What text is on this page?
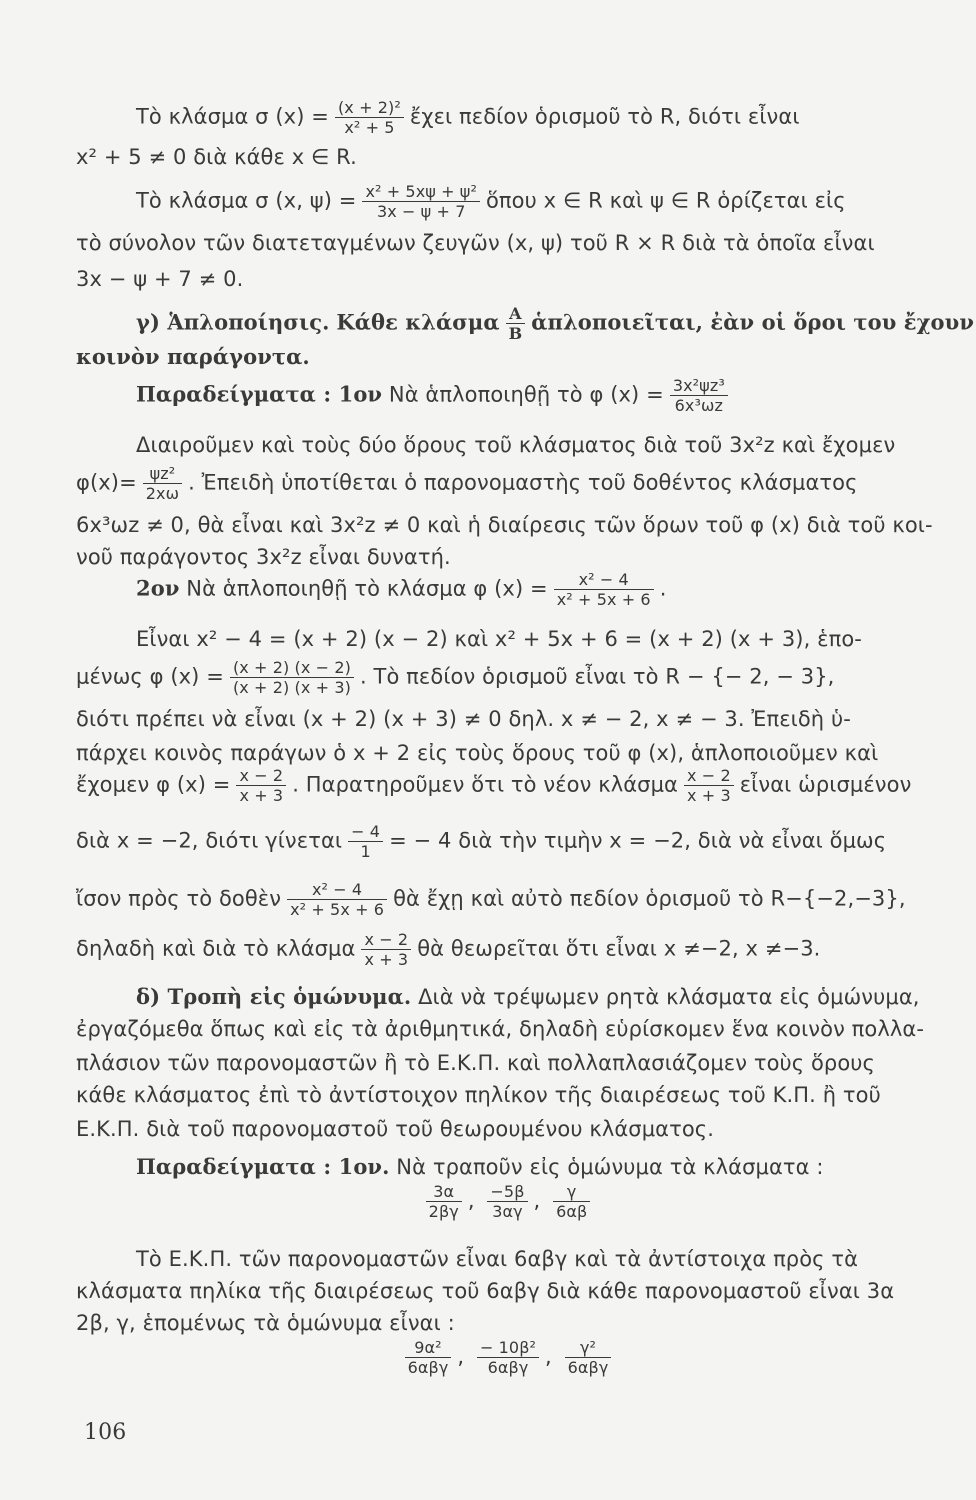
Τὸ κλάσμα σ $(x) = \frac{\text{(x + 2)²}}{\text{x² + 5}}$ ἔχει πεδίον ὁρισμοῦ τὸ R, διότι εἶναι
x² + 5 ≠ 0 διὰ κάθε x ∈ R.
Τὸ κλάσμα σ (x, $\psi) = \frac{\text{x² + 5xψ + ψ²}}{3x - \psi + 7}$ ὅπου x ∈ R καὶ ψ ∈ R ὁρίζεται εἰς
τὸ σύνολον τῶν διατεταγμένων ζευγῶν (x, ψ) τοῦ R × R διὰ τὰ ὁποῖα εἶναι
3x − ψ + 7 ≠ 0.
γ) Ἁπλοποίησις. Κάθε κλάσμα $\frac{A}{B}$ ἁπλοποιεῖται, ἐὰν οἱ ὅροι του ἔχουν
κοινὸν παράγοντα.
Παραδείγματα : 1ον Νὰ ἁπλοποιηθῇ τὸ φ $(x) = \frac{\text{3x²ψz³}}{\text{6x³ωz}}$
Διαιροῦμεν καὶ τοὺς δύο ὅρους τοῦ κλάσματος διὰ τοῦ 3x²z καὶ ἔχομεν
$\varphi(x)= \frac{\text{ψz²}}{2x\omega}$ . Ἐπειδὴ ὑποτίθεται ὁ παρονομαστὴς τοῦ δοθέντος κλάσματος
6x³ωz ≠ 0, θὰ εἶναι καὶ 3x²z ≠ 0 καὶ ἡ διαίρεσις τῶν ὅρων τοῦ φ (x) διὰ τοῦ κοι-
νοῦ παράγοντος 3x²z εἶναι δυνατή.
2ον Νὰ ἁπλοποιηθῇ τὸ κλάσμα φ $(x) = \frac{\text{x² − 4}}{\text{x² + 5x + 6}}$ .
Εἶναι x² − 4 = (x + 2) (x − 2) καὶ x² + 5x + 6 = (x + 2) (x + 3), ἑπο-
μένως φ $(x) = \frac{(x + 2) (x - 2)}{(x + 2) (x + 3)}$ . Τὸ πεδίον ὁρισμοῦ εἶναι τὸ R − {− 2, − 3},
διότι πρέπει νὰ εἶναι (x + 2) (x + 3) ≠ 0 δηλ. x ≠ − 2, x ≠ − 3. Ἐπειδὴ ὑ-
πάρχει κοινὸς παράγων ὁ x + 2 εἰς τοὺς ὅρους τοῦ φ (x), ἁπλοποιοῦμεν καὶ
ἔχομεν φ $(x) = \frac{x - 2}{x + 3}$ . Παρατηροῦμεν ὅτι τὸ νέον κλάσμα $\frac{x - 2}{x + 3}$ εἶναι ὡρισμένον
διὰ x = −2, διότι γίνεται $\frac{- 4}{1}$ = − 4 διὰ τὴν τιμὴν x = −2, διὰ νὰ εἶναι ὅμως
ἴσον πρὸς τὸ δοθὲν $\frac{\text{x² − 4}}{\text{x² + 5x + 6}}$ θὰ ἔχῃ καὶ αὐτὸ πεδίον ὁρισμοῦ τὸ R−{−2,−3},
δηλαδὴ καὶ διὰ τὸ κλάσμα $\frac{x - 2}{x + 3}$ θὰ θεωρεῖται ὅτι εἶναι x ≠−2, x ≠−3.
δ) Τροπὴ εἰς ὁμώνυμα. Διὰ νὰ τρέψωμεν ρητὰ κλάσματα εἰς ὁμώνυμα,
ἐργαζόμεθα ὅπως καὶ εἰς τὰ ἀριθμητικά, δηλαδὴ εὑρίσκομεν ἕνα κοινὸν πολλα-
πλάσιον τῶν παρονομαστῶν ἢ τὸ Ε.Κ.Π. καὶ πολλαπλασιάζομεν τοὺς ὅρους
κάθε κλάσματος ἐπὶ τὸ ἀντίστοιχον πηλίκον τῆς διαιρέσεως τοῦ Κ.Π. ἢ τοῦ
Ε.Κ.Π. διὰ τοῦ παρονομαστοῦ τοῦ θεωρουμένου κλάσματος.
Παραδείγματα : 1ον. Νὰ τραποῦν εἰς ὁμώνυμα τὰ κλάσματα :
$\frac{3\alpha}{2\beta\gamma}$ , $\frac{-5\beta}{3\alpha\gamma}$ , $\frac{\gamma}{6\alpha\beta}$
Τὸ Ε.Κ.Π. τῶν παρονομαστῶν εἶναι 6αβγ καὶ τὰ ἀντίστοιχα πρὸς τὰ
κλάσματα πηλίκα τῆς διαιρέσεως τοῦ 6αβγ διὰ κάθε παρονομαστοῦ εἶναι 3α
2β, γ, ἑπομένως τὰ ὁμώνυμα εἶναι :
$\frac{\text{9α²}}{\text{6αβγ}}$ , $\frac{\text{− 10β²}}{\text{6αβγ}}$ , $\frac{\text{γ²}}{\text{6αβγ}}$
106
